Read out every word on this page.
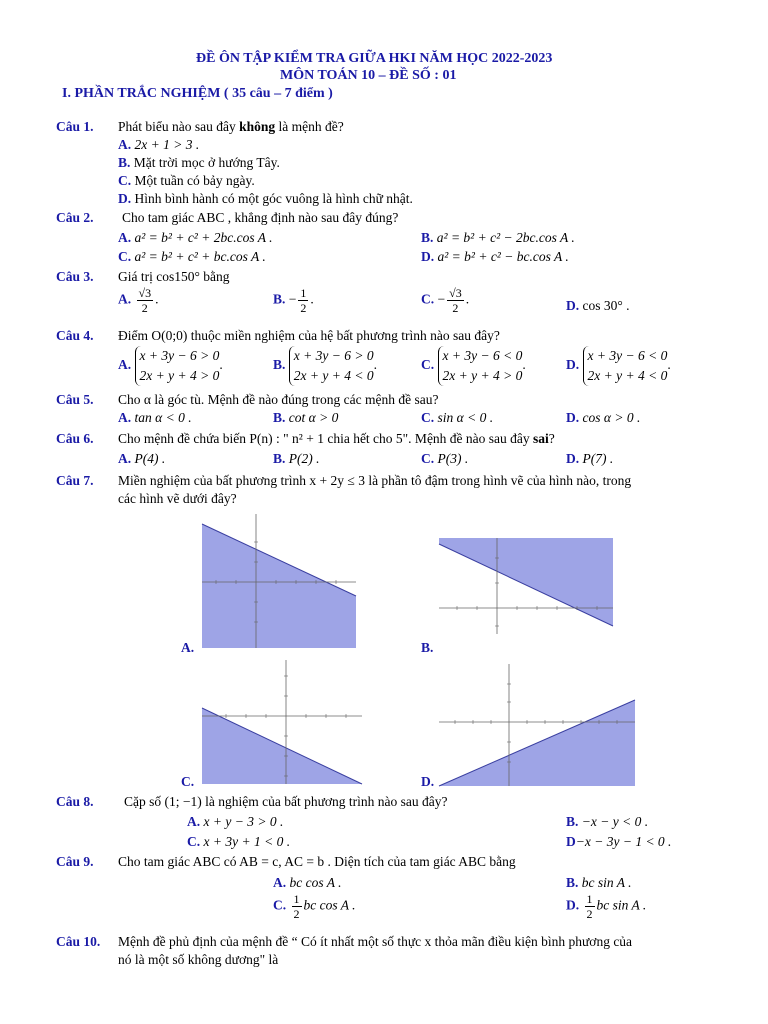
ĐỀ ÔN TẬP KIỂM TRA GIỮA HKI NĂM HỌC 2022-2023
MÔN TOÁN 10 – ĐỀ SỐ : 01
I. PHẦN TRẮC NGHIỆM ( 35 câu – 7 điểm )
Câu 1. Phát biểu nào sau đây không là mệnh đề?
A. 2x + 1 > 3 .
B. Mặt trời mọc ở hướng Tây.
C. Một tuần có bảy ngày.
D. Hình bình hành có một góc vuông là hình chữ nhật.
Câu 2. Cho tam giác ABC , khẳng định nào sau đây đúng?
A. a² = b² + c² + 2bc.cos A .	B. a² = b² + c² − 2bc.cos A .
C. a² = b² + c² + bc.cos A .	D. a² = b² + c² − bc.cos A .
Câu 3. Giá trị cos150° bằng
A. $\frac{√3}{2}$ .	B. − $\frac{1}{2}$ .	C. − $\frac{√3}{2}$ .	D. cos 30° .
Câu 4. Điểm O(0;0) thuộc miền nghiệm của hệ bất phương trình nào sau đây?
A. x + 3y − 6 > 0
2x + y + 4 > 0.	B. x + 3y − 6 > 0
2x + y + 4 < 0.	C. x + 3y − 6 < 0
2x + y + 4 > 0.	D. x + 3y − 6 < 0
2x + y + 4 < 0.
Câu 5. Cho α là góc tù. Mệnh đề nào đúng trong các mệnh đề sau?
A. tan α < 0 .	B. cot α > 0	C. sin α < 0 .	D. cos α > 0 .
Câu 6. Cho mệnh đề chứa biến P(n) : " n² + 1 chia hết cho 5". Mệnh đề nào sau đây sai?
A. P(4) .	B. P(2) .	C. P(3) .	D. P(7) .
Câu 7. Miền nghiệm của bất phương trình x + 2y ≤ 3 là phần tô đậm trong hình vẽ của hình nào, trong
các hình vẽ dưới đây?
A.	B.
C.	D.
Câu 8. Cặp số (1; −1) là nghiệm của bất phương trình nào sau đây?
A. x + y − 3 > 0 .	B. −x − y < 0 .
C. x + 3y + 1 < 0 .	D−x − 3y − 1 < 0 .
Câu 9. Cho tam giác ABC có AB = c, AC = b . Diện tích của tam giác ABC bằng
A. bc cos A .	B. bc sin A .
C. $\frac{1}{2}$ bc cos A .	D. $\frac{1}{2}$ bc sin A .
Câu 10. Mệnh đề phủ định của mệnh đề “ Có ít nhất một số thực x thỏa mãn điều kiện bình phương của
nó là một số không dương" là
